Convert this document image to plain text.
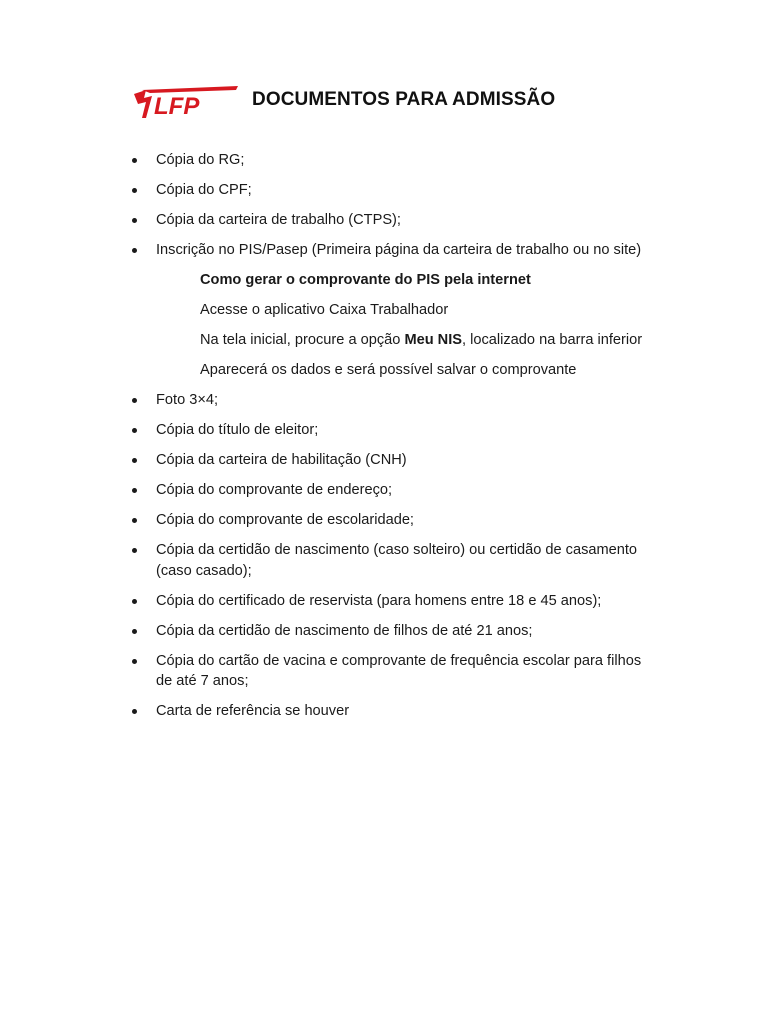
LFP	DOCUMENTOS PARA ADMISSÃO
Cópia do RG;
Cópia do CPF;
Cópia da carteira de trabalho (CTPS);
Inscrição no PIS/Pasep (Primeira página da carteira de trabalho ou no site)
Como gerar o comprovante do PIS pela internet
Acesse o aplicativo Caixa Trabalhador
Na tela inicial, procure a opção Meu NIS, localizado na barra inferior
Aparecerá os dados e será possível salvar o comprovante
Foto 3×4;
Cópia do título de eleitor;
Cópia da carteira de habilitação (CNH)
Cópia do comprovante de endereço;
Cópia do comprovante de escolaridade;
Cópia da certidão de nascimento (caso solteiro) ou certidão de casamento (caso casado);
Cópia do certificado de reservista (para homens entre 18 e 45 anos);
Cópia da certidão de nascimento de filhos de até 21 anos;
Cópia do cartão de vacina e comprovante de frequência escolar para filhos de até 7 anos;
Carta de referência se houver
